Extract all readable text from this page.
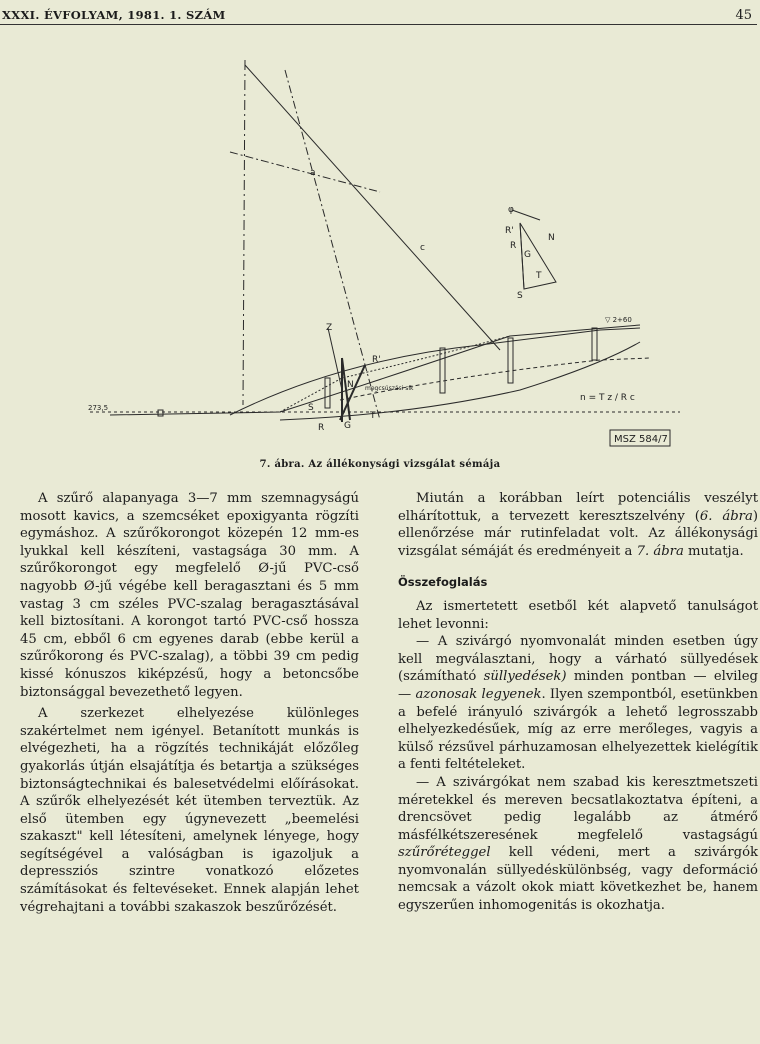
XXXI. ÉVFOLYAM, 1981. 1. SZÁM	45
a
c
Z
R'
N
S
T
R G
φ
R'
R
N
G
T
S
▽ 2+60
273,5
megcsúszási sík
n = T z / R c
MSZ 584/7
7. ábra. Az állékonysági vizsgálat sémája

A szűrő alapanyaga 3—7 mm szemnagyságú mosott kavics, a szemcséket epoxigyanta rögzíti egymáshoz. A szűrőkorongot közepén 12 mm-es lyukkal kell készíteni, vastagsága 30 mm. A szűrőkorongot egy megfelelő Ø-jű PVC-cső nagyobb Ø-jű végébe kell beragasztani és 5 mm vastag 3 cm széles PVC-szalag beragasztásával kell biztosítani. A korongot tartó PVC-cső hossza 45 cm, ebből 6 cm egyenes darab (ebbe kerül a szűrőkorong és PVC-szalag), a többi 39 cm pedig kissé kónuszos kiképzésű, hogy a betoncsőbe biztonsággal bevezethető legyen.

A szerkezet elhelyezése különleges szakértelmet nem igényel. Betanított munkás is elvégezheti, ha a rögzítés technikáját előzőleg gyakorlás útján elsajátítja és betartja a szükséges biztonságtechnikai és balesetvédelmi előírásokat. A szűrők elhelyezését két ütemben terveztük. Az első ütemben egy úgynevezett „beemelési szakaszt" kell létesíteni, amelynek lényege, hogy segítségével a valóságban is igazoljuk a depressziós szintre vonatkozó előzetes számításokat és feltevéseket. Ennek alapján lehet végrehajtani a további szakaszok beszűrőzését.

Miután a korábban leírt potenciális veszélyt elhárítottuk, a tervezett keresztszelvény (6. ábra) ellenőrzése már rutinfeladat volt. Az állékonysági vizsgálat sémáját és eredményeit a 7. ábra mutatja.

Összefoglalás

Az ismertetett esetből két alapvető tanulságot lehet levonni:

— A szivárgó nyomvonalát minden esetben úgy kell megválasztani, hogy a várható süllyedések (számítható süllyedések) minden pontban — elvileg — azonosak legyenek. Ilyen szempontból, esetünkben a befelé irányuló szivárgók a lehető legrosszabb elhelyezkedésűek, míg az erre merőleges, vagyis a külső rézsűvel párhuzamosan elhelyezettek kielégítik a fenti feltételeket.

— A szivárgókat nem szabad kis keresztmetszeti méretekkel és mereven becsatlakoztatva építeni, a drencsövet pedig legalább az átmérő másfélkétszeresének megfelelő vastagságú szűrőréteggel kell védeni, mert a szivárgók nyomvonalán süllyedéskülönbség, vagy deformáció nemcsak a vázolt okok miatt következhet be, hanem egyszerűen inhomogenitás is okozhatja.
